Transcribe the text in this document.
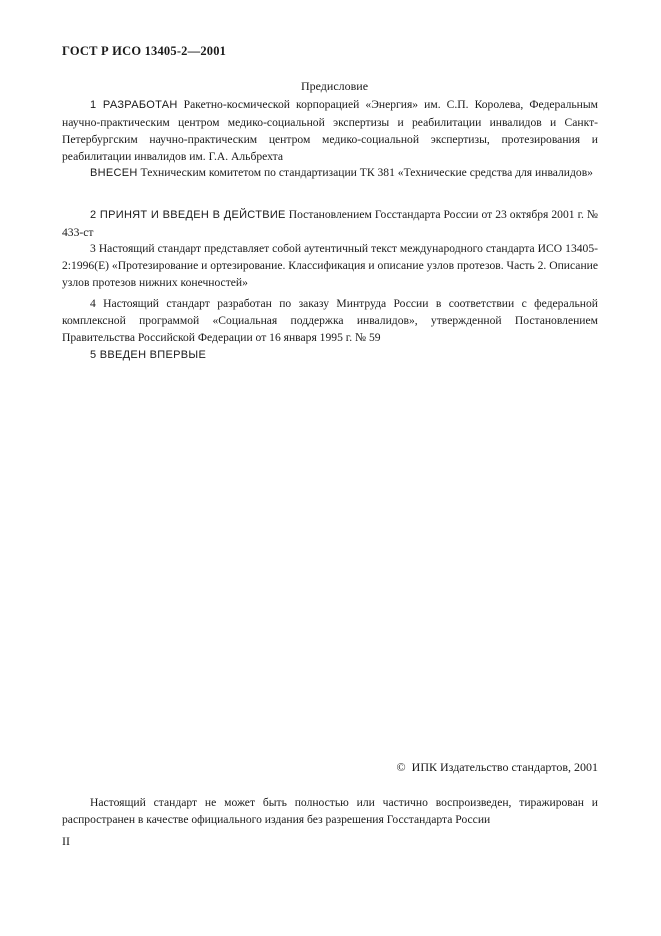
ГОСТ Р ИСО 13405-2—2001
Предисловие

1 РАЗРАБОТАН Ракетно-космической корпорацией «Энергия» им. С.П. Королева, Федеральным научно-практическим центром медико-социальной экспертизы и реабилитации инвалидов и Санкт-Петербургским научно-практическим центром медико-социальной экспертизы, протезирования и реабилитации инвалидов им. Г.А. Альбрехта

ВНЕСЕН Техническим комитетом по стандартизации ТК 381 «Технические средства для инвалидов»

2 ПРИНЯТ И ВВЕДЕН В ДЕЙСТВИЕ Постановлением Госстандарта России от 23 октября 2001 г. № 433-ст

3 Настоящий стандарт представляет собой аутентичный текст международного стандарта ИСО 13405-2:1996(Е) «Протезирование и ортезирование. Классификация и описание узлов протезов. Часть 2. Описание узлов протезов нижних конечностей»

4 Настоящий стандарт разработан по заказу Минтруда России в соответствии с федеральной комплексной программой «Социальная поддержка инвалидов», утвержденной Постановлением Правительства Российской Федерации от 16 января 1995 г. № 59

5 ВВЕДЕН ВПЕРВЫЕ

© ИПК Издательство стандартов, 2001

Настоящий стандарт не может быть полностью или частично воспроизведен, тиражирован и распространен в качестве официального издания без разрешения Госстандарта России

II
